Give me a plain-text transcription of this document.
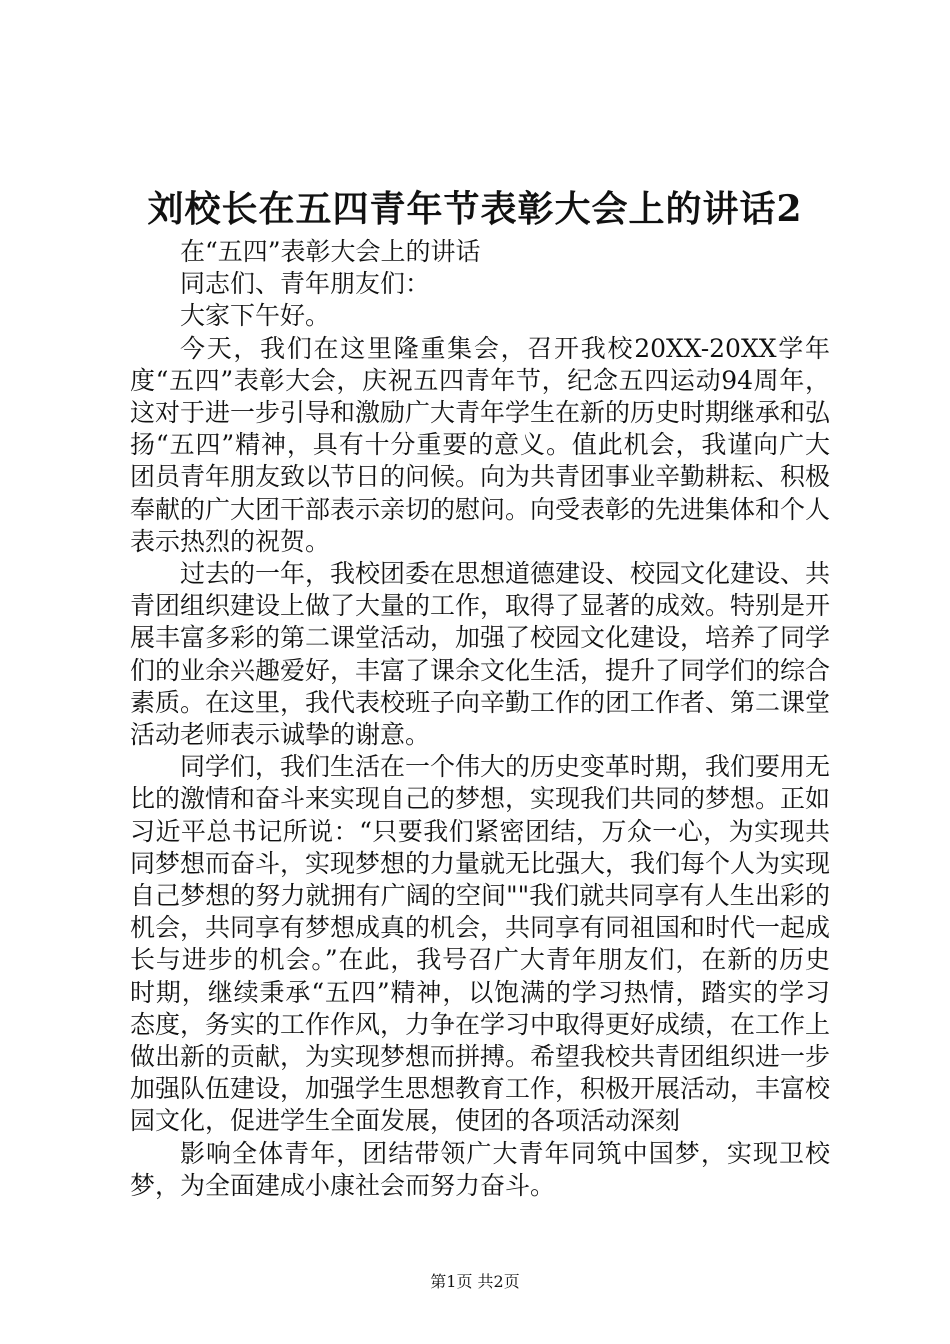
刘校长在五四青年节表彰大会上的讲话2

在“五四”表彰大会上的讲话

同志们、青年朋友们：

大家下午好。

今天，我们在这里隆重集会，召开我校20XX-20XX学年度“五四”表彰大会，庆祝五四青年节，纪念五四运动94周年，这对于进一步引导和激励广大青年学生在新的历史时期继承和弘扬“五四”精神，具有十分重要的意义。值此机会，我谨向广大团员青年朋友致以节日的问候。向为共青团事业辛勤耕耘、积极奉献的广大团干部表示亲切的慰问。向受表彰的先进集体和个人表示热烈的祝贺。

过去的一年，我校团委在思想道德建设、校园文化建设、共青团组织建设上做了大量的工作，取得了显著的成效。特别是开展丰富多彩的第二课堂活动，加强了校园文化建设，培养了同学们的业余兴趣爱好，丰富了课余文化生活，提升了同学们的综合素质。在这里，我代表校班子向辛勤工作的团工作者、第二课堂活动老师表示诚挚的谢意。

同学们，我们生活在一个伟大的历史变革时期，我们要用无比的激情和奋斗来实现自己的梦想，实现我们共同的梦想。正如习近平总书记所说：“只要我们紧密团结，万众一心，为实现共同梦想而奋斗，实现梦想的力量就无比强大，我们每个人为实现自己梦想的努力就拥有广阔的空间""我们就共同享有人生出彩的机会，共同享有梦想成真的机会，共同享有同祖国和时代一起成长与进步的机会。”在此，我号召广大青年朋友们，在新的历史时期，继续秉承“五四”精神，以饱满的学习热情，踏实的学习态度，务实的工作作风，力争在学习中取得更好成绩，在工作上做出新的贡献，为实现梦想而拼搏。希望我校共青团组织进一步加强队伍建设，加强学生思想教育工作，积极开展活动，丰富校园文化，促进学生全面发展，使团的各项活动深刻

影响全体青年，团结带领广大青年同筑中国梦，实现卫校梦，为全面建成小康社会而努力奋斗。

第1页 共2页
